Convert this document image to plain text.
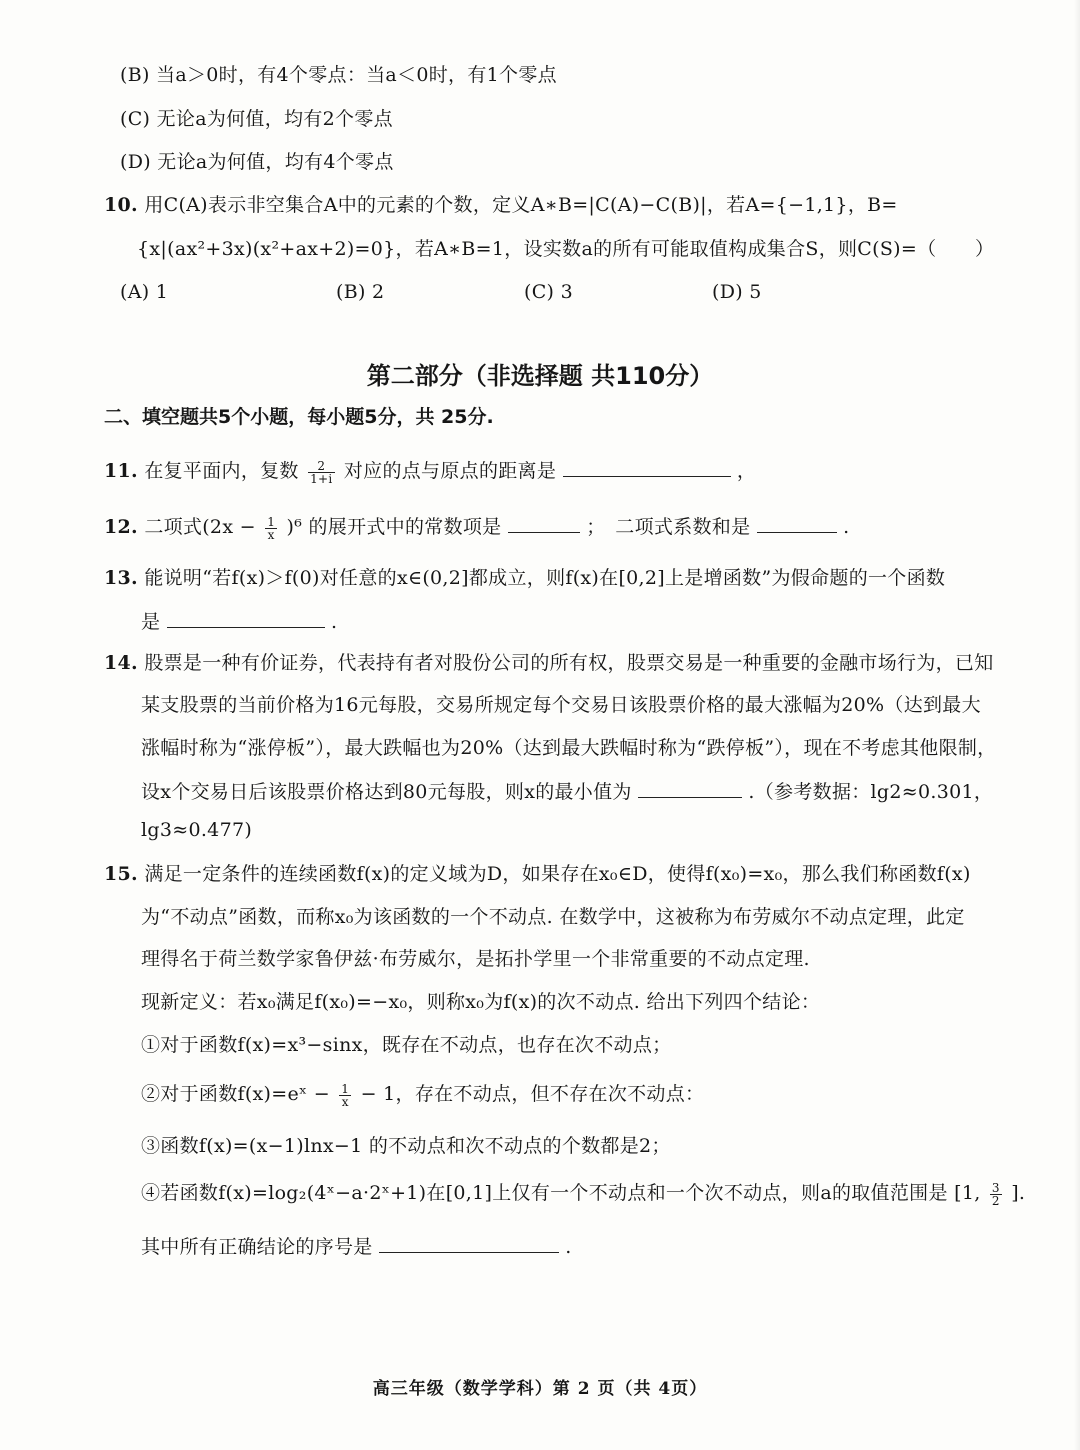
(B) 当a＞0时，有4个零点：当a＜0时，有1个零点
(C) 无论a为何值，均有2个零点
(D) 无论a为何值，均有4个零点
10. 用C(A)表示非空集合A中的元素的个数，定义A∗B=|C(A)−C(B)|，若A={−1,1}，B=
{x|(ax²+3x)(x²+ax+2)=0}，若A∗B=1，设实数a的所有可能取值构成集合S，则C(S)=（　　）
(A) 1	(B) 2	(C) 3	(D) 5
第二部分（非选择题 共110分）
二、填空题共5个小题，每小题5分，共 25分.
11. 在复平面内，复数 $\frac{2}{1+i}$ 对应的点与原点的距离是	，
12. 二项式$(2x - \frac{1}{x} )^6$ 的展开式中的常数项是	；　二项式系数和是	.
13. 能说明“若f(x)＞f(0)对任意的x∈(0,2]都成立，则f(x)在[0,2]上是增函数”为假命题的一个函数
是	.
14. 股票是一种有价证券，代表持有者对股份公司的所有权，股票交易是一种重要的金融市场行为，已知
某支股票的当前价格为16元每股，交易所规定每个交易日该股票价格的最大涨幅为20%（达到最大
涨幅时称为“涨停板”），最大跌幅也为20%（达到最大跌幅时称为“跌停板”），现在不考虑其他限制，
设x个交易日后该股票价格达到80元每股，则x的最小值为	.（参考数据：lg2≈0.301，
lg3≈0.477)
15. 满足一定条件的连续函数f(x)的定义域为D，如果存在x₀∈D，使得f(x₀)=x₀，那么我们称函数f(x)
为“不动点”函数，而称x₀为该函数的一个不动点. 在数学中，这被称为布劳威尔不动点定理，此定
理得名于荷兰数学家鲁伊兹·布劳威尔，是拓扑学里一个非常重要的不动点定理.
现新定义：若x₀满足f(x₀)=−x₀，则称x₀为f(x)的次不动点. 给出下列四个结论：
①对于函数f(x)=x³−sinx，既存在不动点，也存在次不动点；
②对于函数f(x)=eˣ − $\frac{1}{x} - 1$，存在不动点，但不存在次不动点：
③函数f(x)=(x−1)lnx−1 的不动点和次不动点的个数都是2；
④若函数f(x)=log₂(4ˣ−a·2ˣ+1)在[0,1]上仅有一个不动点和一个次不动点，则a的取值范围是 [1, $\frac{3}{2}$ ].
其中所有正确结论的序号是	.
高三年级（数学学科）第 2 页（共 4页）
